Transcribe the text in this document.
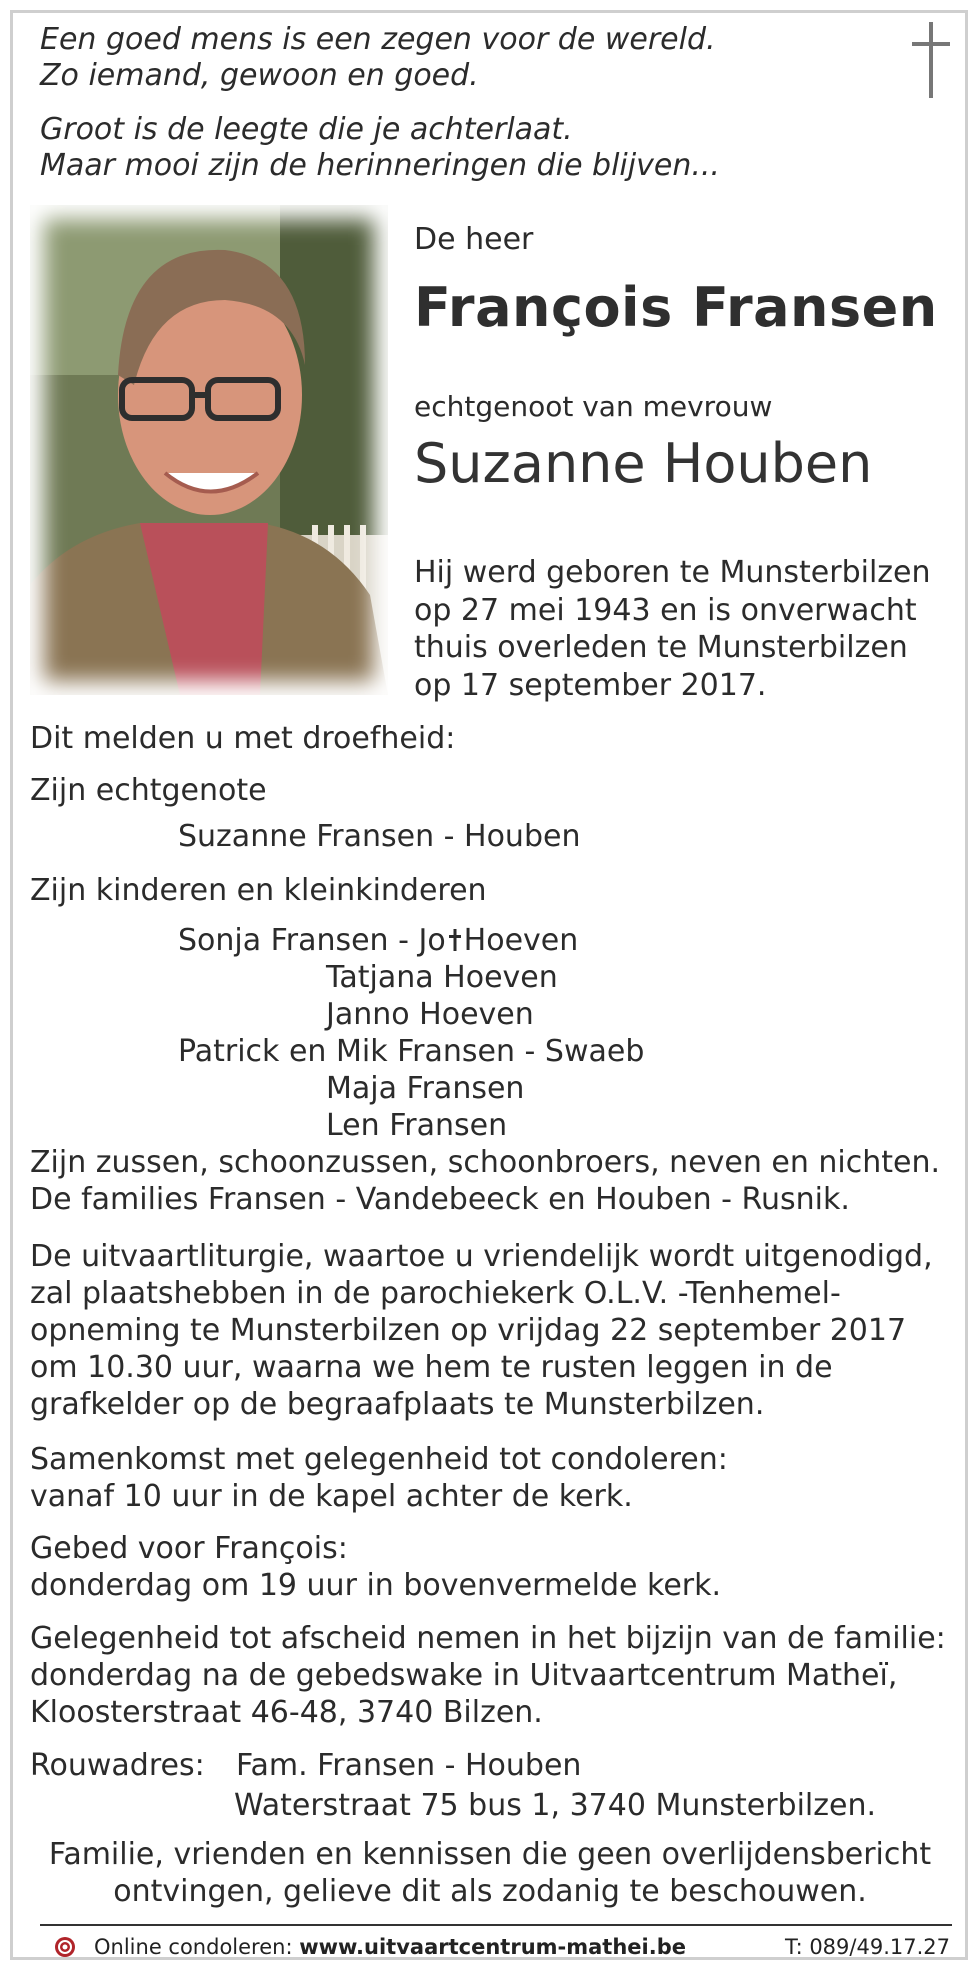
Een goed mens is een zegen voor de wereld.
Zo iemand, gewoon en goed.
Groot is de leegte die je achterlaat.
Maar mooi zijn de herinneringen die blijven...
De heer
François Fransen
echtgenoot van mevrouw
Suzanne Houben
Hij werd geboren te Munsterbilzen
op 27 mei 1943 en is onverwacht
thuis overleden te Munsterbilzen
op 17 september 2017.
Dit melden u met droefheid:
Zijn echtgenote
Suzanne Fransen - Houben
Zijn kinderen en kleinkinderen
Sonja Fransen - Jo Hoeven
Tatjana Hoeven
Janno Hoeven
Patrick en Mik Fransen - Swaeb
Maja Fransen
Len Fransen
Zijn zussen, schoonzussen, schoonbroers, neven en nichten.
De families Fransen - Vandebeeck en Houben - Rusnik.
De uitvaartliturgie, waartoe u vriendelijk wordt uitgenodigd,
zal plaatshebben in de parochiekerk O.L.V. -Tenhemel-
opneming te Munsterbilzen op vrijdag 22 september 2017
om 10.30 uur, waarna we hem te rusten leggen in de
grafkelder op de begraafplaats te Munsterbilzen.
Samenkomst met gelegenheid tot condoleren:
vanaf 10 uur in de kapel achter de kerk.
Gebed voor François:
donderdag om 19 uur in bovenvermelde kerk.
Gelegenheid tot afscheid nemen in het bijzijn van de familie:
donderdag na de gebedswake in Uitvaartcentrum Matheï,
Kloosterstraat 46-48, 3740 Bilzen.
Rouwadres: Fam. Fransen - Houben
Waterstraat 75 bus 1, 3740 Munsterbilzen.
Familie, vrienden en kennissen die geen overlijdensbericht
ontvingen, gelieve dit als zodanig te beschouwen.
Online condoleren: www.uitvaartcentrum-mathei.be	T: 089/49.17.27
